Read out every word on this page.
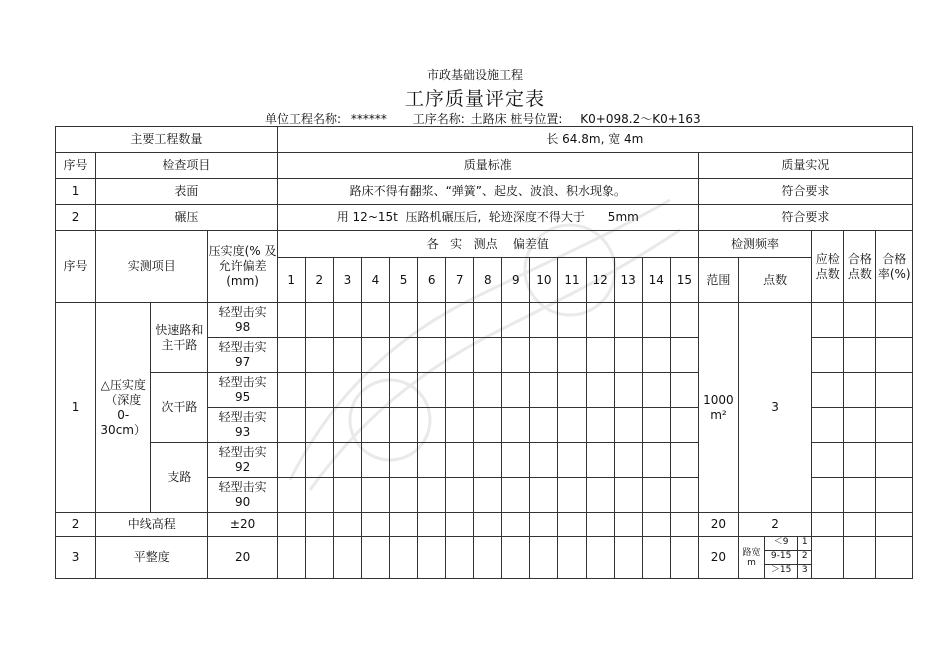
市政基础设施工程
工序质量评定表
单位工程名称: ****** 工序名称: 土路床 桩号位置: K0+098.2～K0+163
主要工程数量				长 64.8m, 宽 4m																				
序号	检查项目			质量标准															质量实况					
1	表面			路床不得有翻浆、“弹簧”、起皮、波浪、积水现象。															符合要求					
2	碾压			用 12~15t  压路机碾压后,  轮迹深度不得大于      5mm															符合要求					
序号	实测项目		压实度(% 及允许偏差(mm)	各   实   测点    偏差值															检测频率			应检点数	合格点数	合格率(%)
				1	2	3	4	5	6	7	8	9	10	11	12	13	14	15	范围	点数				
1	△压实度（深度 0-30cm）	快速路和主干路	轻型击实98																1000 m²	3				
			轻型击实97																					
		次干路	轻型击实95																					
			轻型击实93																					
		支路	轻型击实92																					
			轻型击实90																					
2	中线高程		±20																20	2				
3	平整度		20																20	路宽 m	＜9 1			

																					9-15 2			

																					＞15 3			
